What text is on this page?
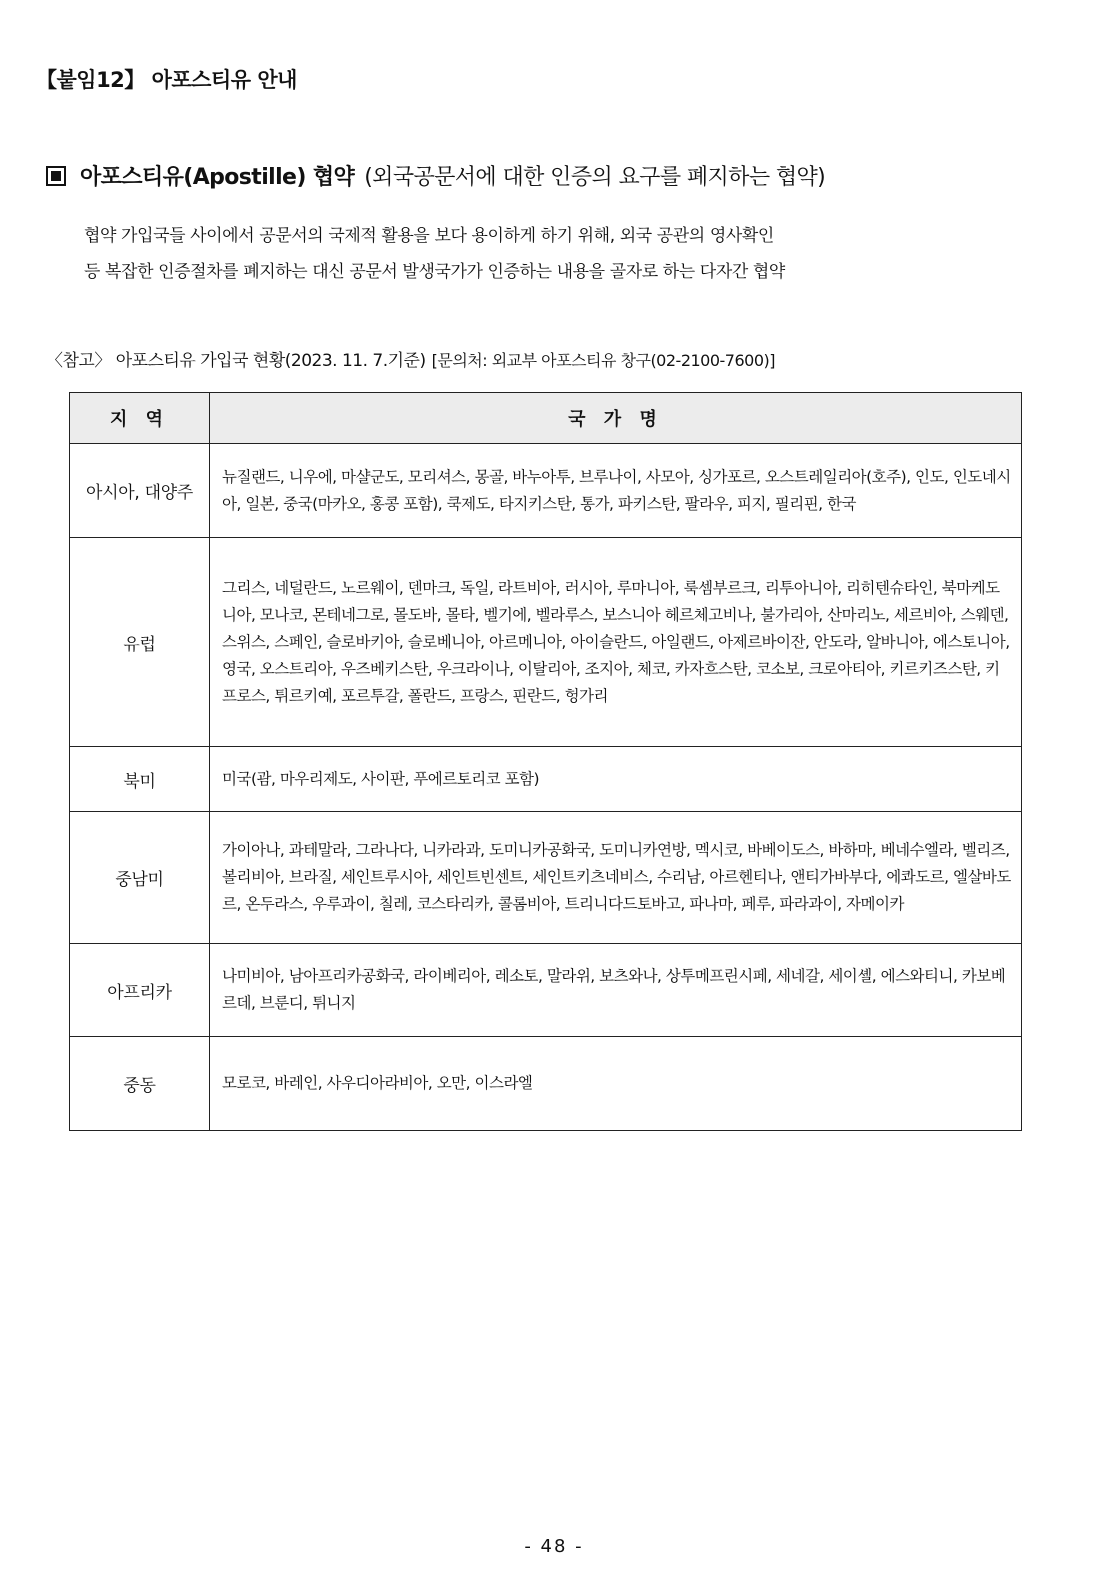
【붙임12】 아포스티유 안내
아포스티유(Apostille) 협약 (외국공문서에 대한 인증의 요구를 폐지하는 협약)
협약 가입국들 사이에서 공문서의 국제적 활용을 보다 용이하게 하기 위해, 외국 공관의 영사확인
등 복잡한 인증절차를 폐지하는 대신 공문서 발생국가가 인증하는 내용을 골자로 하는 다자간 협약
〈참고〉 아포스티유 가입국 현황(2023. 11. 7.기준) [문의처: 외교부 아포스티유 창구(02-2100-7600)]
지 역	국 가 명
아시아, 대양주	뉴질랜드, 니우에, 마샬군도, 모리셔스, 몽골, 바누아투, 브루나이, 사모아, 싱가포르, 오스트레일리아(호주), 인도, 인도네시아, 일본, 중국(마카오, 홍콩 포함), 쿡제도, 타지키스탄, 통가, 파키스탄, 팔라우, 피지, 필리핀, 한국
유럽	그리스, 네덜란드, 노르웨이, 덴마크, 독일, 라트비아, 러시아, 루마니아, 룩셈부르크, 리투아니아, 리히텐슈타인, 북마케도니아, 모나코, 몬테네그로, 몰도바, 몰타, 벨기에, 벨라루스, 보스니아 헤르체고비나, 불가리아, 산마리노, 세르비아, 스웨덴, 스위스, 스페인, 슬로바키아, 슬로베니아, 아르메니아, 아이슬란드, 아일랜드, 아제르바이잔, 안도라, 알바니아, 에스토니아, 영국, 오스트리아, 우즈베키스탄, 우크라이나, 이탈리아, 조지아, 체코, 카자흐스탄, 코소보, 크로아티아, 키르키즈스탄, 키프로스, 튀르키예, 포르투갈, 폴란드, 프랑스, 핀란드, 헝가리
북미	미국(괌, 마우리제도, 사이판, 푸에르토리코 포함)
중남미	가이아나, 과테말라, 그라나다, 니카라과, 도미니카공화국, 도미니카연방, 멕시코, 바베이도스, 바하마, 베네수엘라, 벨리즈, 볼리비아, 브라질, 세인트루시아, 세인트빈센트, 세인트키츠네비스, 수리남, 아르헨티나, 앤티가바부다, 에콰도르, 엘살바도르, 온두라스, 우루과이, 칠레, 코스타리카, 콜롬비아, 트리니다드토바고, 파나마, 페루, 파라과이, 자메이카
아프리카	나미비아, 남아프리카공화국, 라이베리아, 레소토, 말라위, 보츠와나, 상투메프린시페, 세네갈, 세이셸, 에스와티니, 카보베르데, 브룬디, 튀니지
중동	모로코, 바레인, 사우디아라비아, 오만, 이스라엘
- 48 -
